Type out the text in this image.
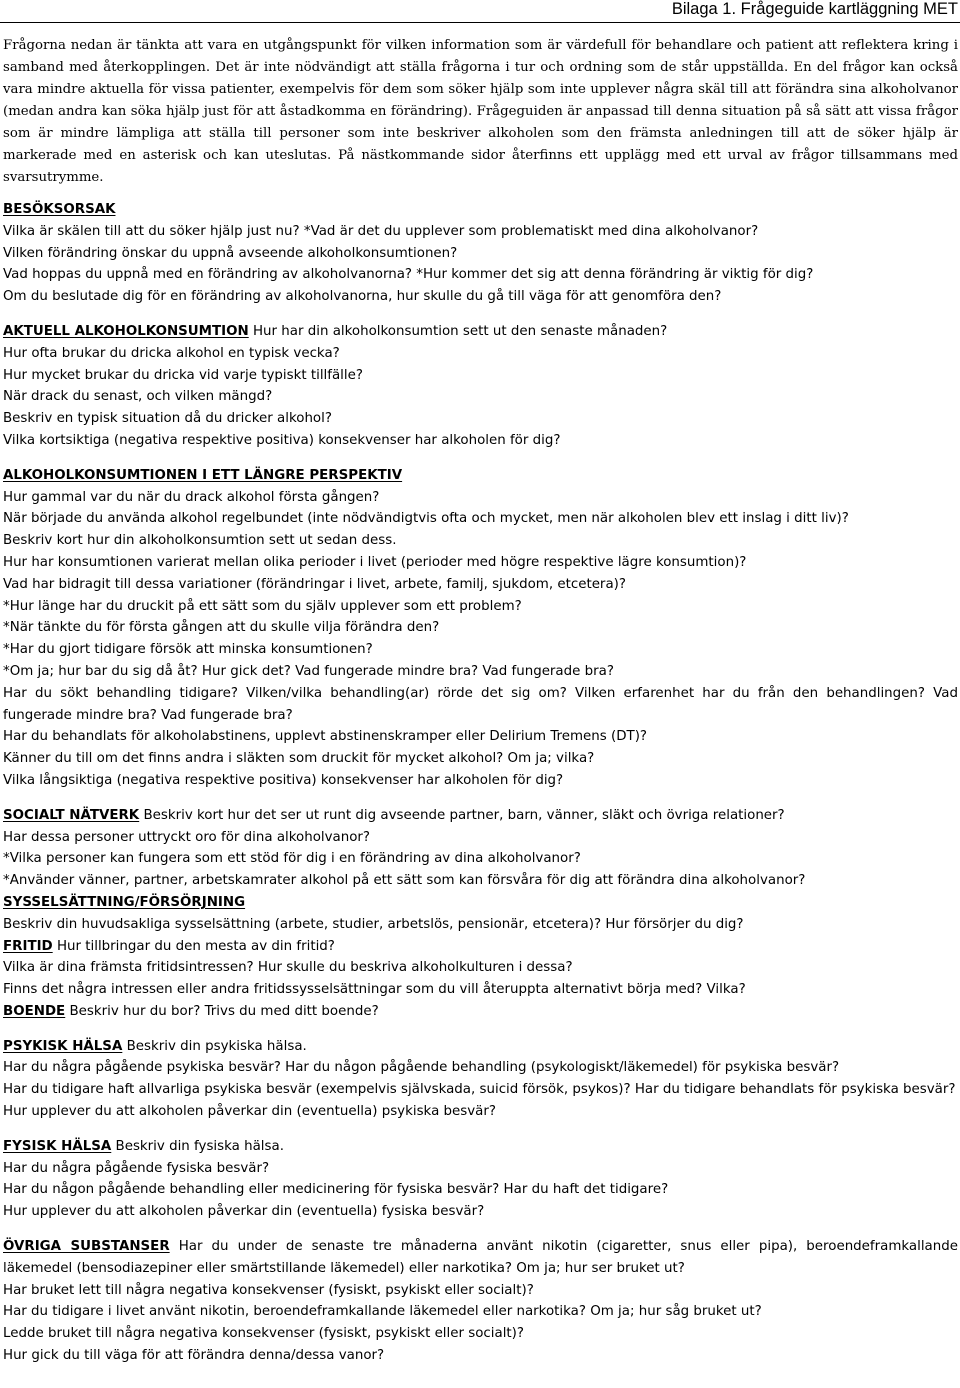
Bilaga 1. Frågeguide kartläggning MET

Frågorna nedan är tänkta att vara en utgångspunkt för vilken information som är värdefull för behandlare och patient att reflektera kring i samband med återkopplingen. Det är inte nödvändigt att ställa frågorna i tur och ordning som de står uppställda. En del frågor kan också vara mindre aktuella för vissa patienter, exempelvis för dem som söker hjälp som inte upplever några skäl till att förändra sina alkoholvanor (medan andra kan söka hjälp just för att åstadkomma en förändring). Frågeguiden är anpassad till denna situation på så sätt att vissa frågor som är mindre lämpliga att ställa till personer som inte beskriver alkoholen som den främsta anledningen till att de söker hjälp är markerade med en asterisk och kan uteslutas. På nästkommande sidor återfinns ett upplägg med ett urval av frågor tillsammans med svarsutrymme.

BESÖKSORSAK
Vilka är skälen till att du söker hjälp just nu? *Vad är det du upplever som problematiskt med dina alkoholvanor?
Vilken förändring önskar du uppnå avseende alkoholkonsumtionen?
Vad hoppas du uppnå med en förändring av alkoholvanorna? *Hur kommer det sig att denna förändring är viktig för dig?
Om du beslutade dig för en förändring av alkoholvanorna, hur skulle du gå till väga för att genomföra den?
AKTUELL ALKOHOLKONSUMTION Hur har din alkoholkonsumtion sett ut den senaste månaden?
Hur ofta brukar du dricka alkohol en typisk vecka?
Hur mycket brukar du dricka vid varje typiskt tillfälle?
När drack du senast, och vilken mängd?
Beskriv en typisk situation då du dricker alkohol?
Vilka kortsiktiga (negativa respektive positiva) konsekvenser har alkoholen för dig?
ALKOHOLKONSUMTIONEN I ETT LÄNGRE PERSPEKTIV
Hur gammal var du när du drack alkohol första gången?
När började du använda alkohol regelbundet (inte nödvändigtvis ofta och mycket, men när alkoholen blev ett inslag i ditt liv)?
Beskriv kort hur din alkoholkonsumtion sett ut sedan dess.
Hur har konsumtionen varierat mellan olika perioder i livet (perioder med högre respektive lägre konsumtion)?
Vad har bidragit till dessa variationer (förändringar i livet, arbete, familj, sjukdom, etcetera)?
*Hur länge har du druckit på ett sätt som du själv upplever som ett problem?
*När tänkte du för första gången att du skulle vilja förändra den?
*Har du gjort tidigare försök att minska konsumtionen?
*Om ja; hur bar du sig då åt? Hur gick det? Vad fungerade mindre bra? Vad fungerade bra?
Har du sökt behandling tidigare? Vilken/vilka behandling(ar) rörde det sig om? Vilken erfarenhet har du från den behandlingen? Vad fungerade mindre bra? Vad fungerade bra?
Har du behandlats för alkoholabstinens, upplevt abstinenskramper eller Delirium Tremens (DT)?
Känner du till om det finns andra i släkten som druckit för mycket alkohol? Om ja; vilka?
Vilka långsiktiga (negativa respektive positiva) konsekvenser har alkoholen för dig?
SOCIALT NÄTVERK Beskriv kort hur det ser ut runt dig avseende partner, barn, vänner, släkt och övriga relationer?
Har dessa personer uttryckt oro för dina alkoholvanor?
*Vilka personer kan fungera som ett stöd för dig i en förändring av dina alkoholvanor?
*Använder vänner, partner, arbetskamrater alkohol på ett sätt som kan försvåra för dig att förändra dina alkoholvanor?
SYSSELSÄTTNING/FÖRSÖRJNING
Beskriv din huvudsakliga sysselsättning (arbete, studier, arbetslös, pensionär, etcetera)? Hur försörjer du dig?
FRITID Hur tillbringar du den mesta av din fritid?
Vilka är dina främsta fritidsintressen? Hur skulle du beskriva alkoholkulturen i dessa?
Finns det några intressen eller andra fritidssysselsättningar som du vill återuppta alternativt börja med? Vilka?
BOENDE Beskriv hur du bor? Trivs du med ditt boende?
PSYKISK HÄLSA Beskriv din psykiska hälsa.
Har du några pågående psykiska besvär? Har du någon pågående behandling (psykologiskt/läkemedel) för psykiska besvär?
Har du tidigare haft allvarliga psykiska besvär (exempelvis självskada, suicid försök, psykos)? Har du tidigare behandlats för psykiska besvär?
Hur upplever du att alkoholen påverkar din (eventuella) psykiska besvär?
FYSISK HÄLSA Beskriv din fysiska hälsa.
Har du några pågående fysiska besvär?
Har du någon pågående behandling eller medicinering för fysiska besvär? Har du haft det tidigare?
Hur upplever du att alkoholen påverkar din (eventuella) fysiska besvär?
ÖVRIGA SUBSTANSER Har du under de senaste tre månaderna använt nikotin (cigaretter, snus eller pipa), beroendeframkallande läkemedel (bensodiazepiner eller smärtstillande läkemedel) eller narkotika? Om ja; hur ser bruket ut?
Har bruket lett till några negativa konsekvenser (fysiskt, psykiskt eller socialt)?
Har du tidigare i livet använt nikotin, beroendeframkallande läkemedel eller narkotika? Om ja; hur såg bruket ut?
Ledde bruket till några negativa konsekvenser (fysiskt, psykiskt eller socialt)?
Hur gick du till väga för att förändra denna/dessa vanor?
